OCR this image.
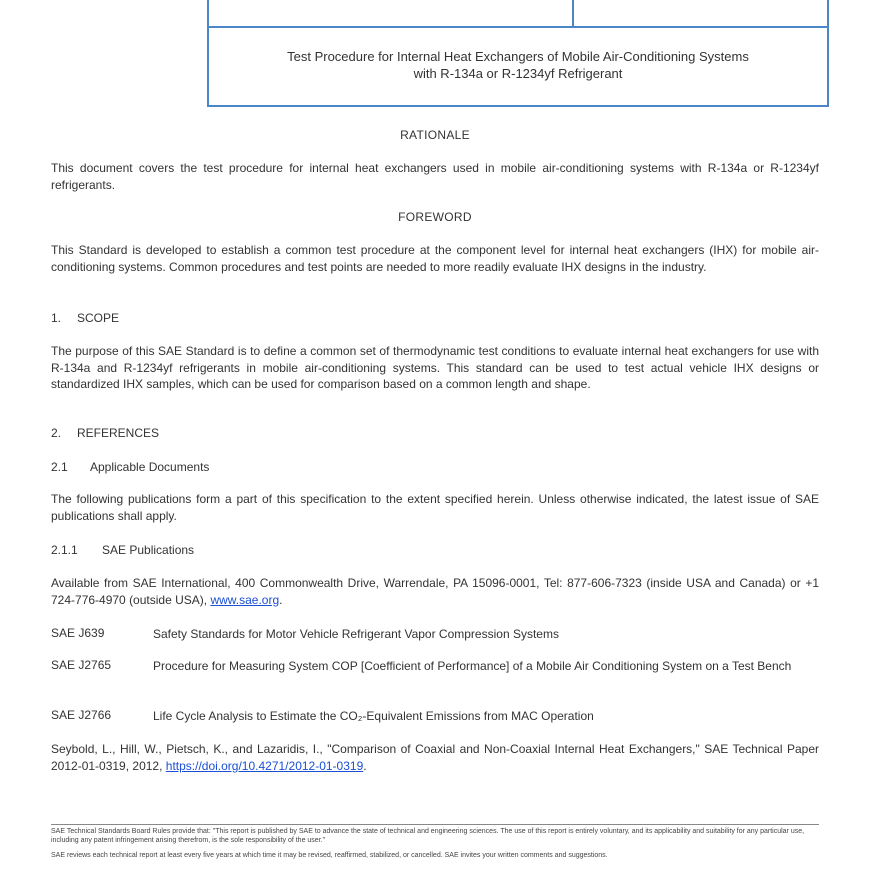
Test Procedure for Internal Heat Exchangers of Mobile Air-Conditioning Systems
with R-134a or R-1234yf Refrigerant
RATIONALE
This document covers the test procedure for internal heat exchangers used in mobile air-conditioning systems with R-134a or R-1234yf refrigerants.
FOREWORD
This Standard is developed to establish a common test procedure at the component level for internal heat exchangers (IHX) for mobile air-conditioning systems. Common procedures and test points are needed to more readily evaluate IHX designs in the industry.
1. SCOPE
The purpose of this SAE Standard is to define a common set of thermodynamic test conditions to evaluate internal heat exchangers for use with R-134a and R-1234yf refrigerants in mobile air-conditioning systems. This standard can be used to test actual vehicle IHX designs or standardized IHX samples, which can be used for comparison based on a common length and shape.
2. REFERENCES
2.1 Applicable Documents
The following publications form a part of this specification to the extent specified herein. Unless otherwise indicated, the latest issue of SAE publications shall apply.
2.1.1 SAE Publications
Available from SAE International, 400 Commonwealth Drive, Warrendale, PA 15096-0001, Tel: 877-606-7323 (inside USA and Canada) or +1 724-776-4970 (outside USA), www.sae.org.
SAE J639	Safety Standards for Motor Vehicle Refrigerant Vapor Compression Systems
SAE J2765	Procedure for Measuring System COP [Coefficient of Performance] of a Mobile Air Conditioning System on a Test Bench
SAE J2766	Life Cycle Analysis to Estimate the CO₂-Equivalent Emissions from MAC Operation
Seybold, L., Hill, W., Pietsch, K., and Lazaridis, I., "Comparison of Coaxial and Non-Coaxial Internal Heat Exchangers," SAE Technical Paper 2012-01-0319, 2012, https://doi.org/10.4271/2012-01-0319.
SAE Technical Standards Board Rules provide that: "This report is published by SAE to advance the state of technical and engineering sciences. The use of this report is entirely voluntary, and its applicability and suitability for any particular use, including any patent infringement arising therefrom, is the sole responsibility of the user."
SAE reviews each technical report at least every five years at which time it may be revised, reaffirmed, stabilized, or cancelled. SAE invites your written comments and suggestions.
